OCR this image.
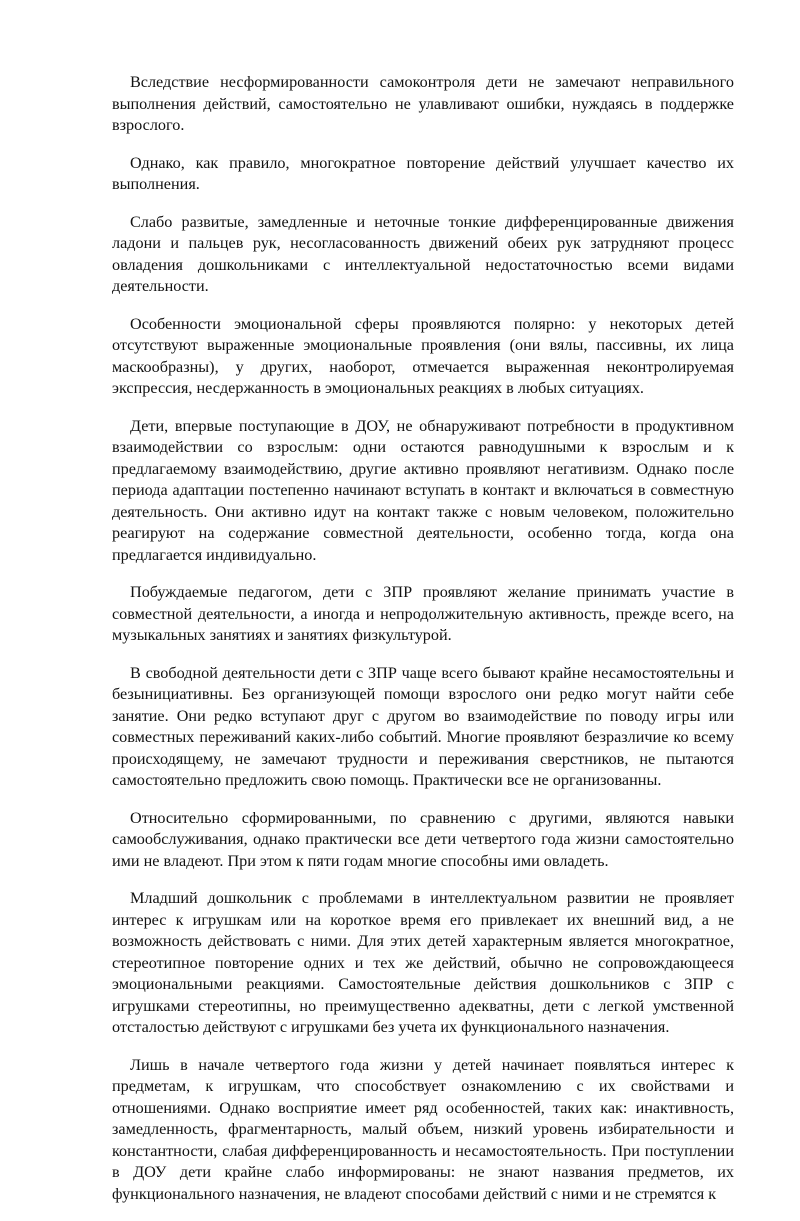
Вследствие несформированности самоконтроля дети не замечают неправильного выполнения действий, самостоятельно не улавливают ошибки, нуждаясь в поддержке взрослого.

Однако, как правило, многократное повторение действий улучшает качество их выполнения.

Слабо развитые, замедленные и неточные тонкие дифференцированные движения ладони и пальцев рук, несогласованность движений обеих рук затрудняют процесс овладения дошкольниками с интеллектуальной недостаточностью всеми видами деятельности.

Особенности эмоциональной сферы проявляются полярно: у некоторых детей отсутствуют выраженные эмоциональные проявления (они вялы, пассивны, их лица маскообразны), у других, наоборот, отмечается выраженная неконтролируемая экспрессия, несдержанность в эмоциональных реакциях в любых ситуациях.

Дети, впервые поступающие в ДОУ, не обнаруживают потребности в продуктивном взаимодействии со взрослым: одни остаются равнодушными к взрослым и к предлагаемому взаимодействию, другие активно проявляют негативизм. Однако после периода адаптации постепенно начинают вступать в контакт и включаться в совместную деятельность. Они активно идут на контакт также с новым человеком, положительно реагируют на содержание совместной деятельности, особенно тогда, когда она предлагается индивидуально.

Побуждаемые педагогом, дети с ЗПР проявляют желание принимать участие в совместной деятельности, а иногда и непродолжительную активность, прежде всего, на музыкальных занятиях и занятиях физкультурой.

В свободной деятельности дети с ЗПР чаще всего бывают крайне несамостоятельны и безынициативны. Без организующей помощи взрослого они редко могут найти себе занятие. Они редко вступают друг с другом во взаимодействие по поводу игры или совместных переживаний каких-либо событий. Многие проявляют безразличие ко всему происходящему, не замечают трудности и переживания сверстников, не пытаются самостоятельно предложить свою помощь. Практически все не организованны.

Относительно сформированными, по сравнению с другими, являются навыки самообслуживания, однако практически все дети четвертого года жизни самостоятельно ими не владеют. При этом к пяти годам многие способны ими овладеть.

Младший дошкольник с проблемами в интеллектуальном развитии не проявляет интерес к игрушкам или на короткое время его привлекает их внешний вид, а не возможность действовать с ними. Для этих детей характерным является многократное, стереотипное повторение одних и тех же действий, обычно не сопровождающееся эмоциональными реакциями. Самостоятельные действия дошкольников с ЗПР с игрушками стереотипны, но преимущественно адекватны, дети с легкой умственной отсталостью действуют с игрушками без учета их функционального назначения.

Лишь в начале четвертого года жизни у детей начинает появляться интерес к предметам, к игрушкам, что способствует ознакомлению с их свойствами и отношениями. Однако восприятие имеет ряд особенностей, таких как: инактивность, замедленность, фрагментарность, малый объем, низкий уровень избирательности и константности, слабая дифференцированность и несамостоятельность. При поступлении в ДОУ дети крайне слабо информированы: не знают названия предметов, их функционального назначения, не владеют способами действий с ними и не стремятся к
